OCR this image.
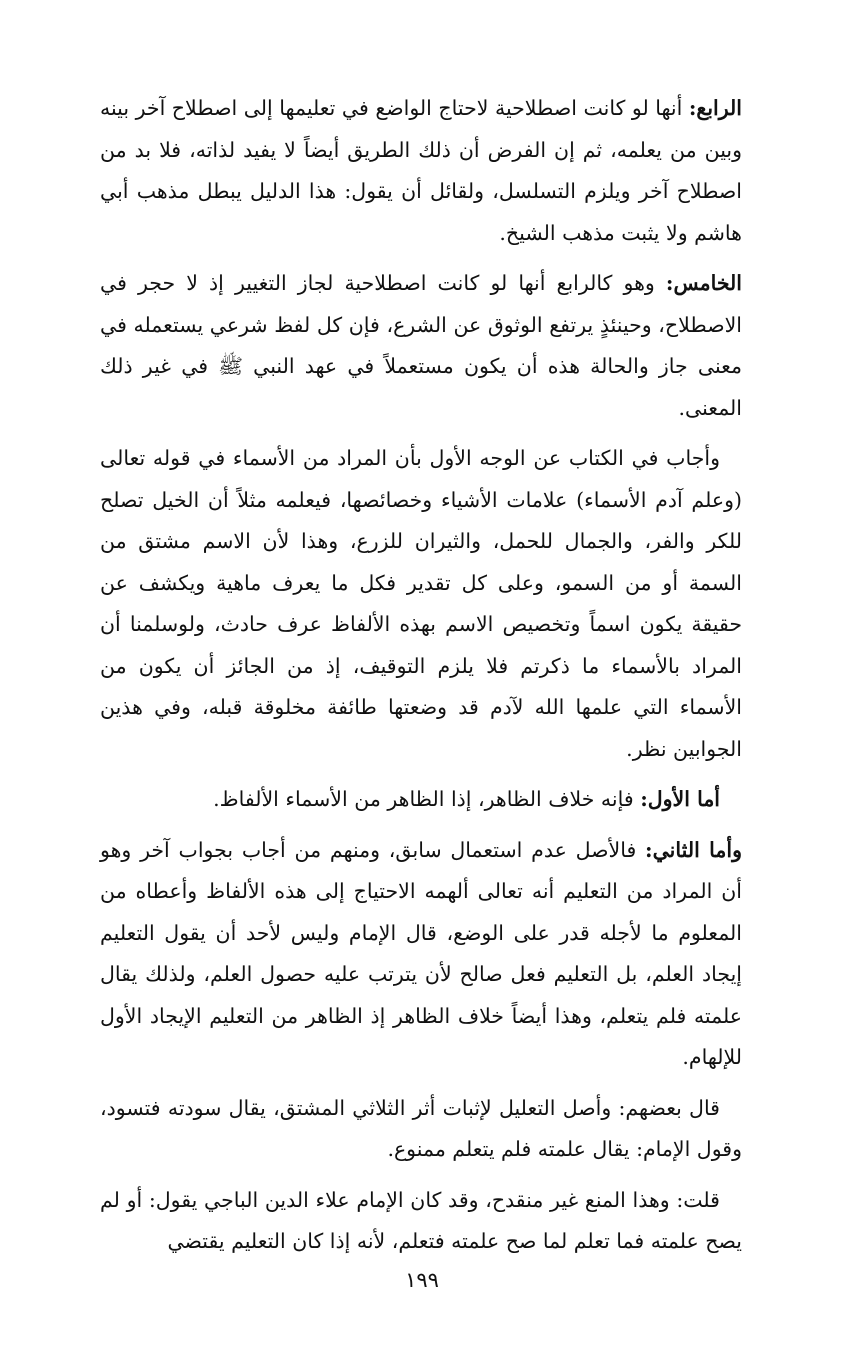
الرابع: أنها لو كانت اصطلاحية لاحتاج الواضع في تعليمها إلى اصطلاح آخر بينه وبين من يعلمه، ثم إن الفرض أن ذلك الطريق أيضاً لا يفيد لذاته، فلا بد من اصطلاح آخر ويلزم التسلسل، ولقائل أن يقول: هذا الدليل يبطل مذهب أبي هاشم ولا يثبت مذهب الشيخ.

الخامس: وهو كالرابع أنها لو كانت اصطلاحية لجاز التغيير إذ لا حجر في الاصطلاح، وحينئذٍ يرتفع الوثوق عن الشرع، فإن كل لفظ شرعي يستعمله في معنى جاز والحالة هذه أن يكون مستعملاً في عهد النبي ﷺ في غير ذلك المعنى.

وأجاب في الكتاب عن الوجه الأول بأن المراد من الأسماء في قوله تعالى (وعلم آدم الأسماء) علامات الأشياء وخصائصها، فيعلمه مثلاً أن الخيل تصلح للكر والفر، والجمال للحمل، والثيران للزرع، وهذا لأن الاسم مشتق من السمة أو من السمو، وعلى كل تقدير فكل ما يعرف ماهية ويكشف عن حقيقة يكون اسماً وتخصيص الاسم بهذه الألفاظ عرف حادث، ولوسلمنا أن المراد بالأسماء ما ذكرتم فلا يلزم التوقيف، إذ من الجائز أن يكون من الأسماء التي علمها الله لآدم قد وضعتها طائفة مخلوقة قبله، وفي هذين الجوابين نظر.

أما الأول: فإنه خلاف الظاهر، إذا الظاهر من الأسماء الألفاظ.

وأما الثاني: فالأصل عدم استعمال سابق، ومنهم من أجاب بجواب آخر وهو أن المراد من التعليم أنه تعالى ألهمه الاحتياج إلى هذه الألفاظ وأعطاه من المعلوم ما لأجله قدر على الوضع، قال الإمام وليس لأحد أن يقول التعليم إيجاد العلم، بل التعليم فعل صالح لأن يترتب عليه حصول العلم، ولذلك يقال علمته فلم يتعلم، وهذا أيضاً خلاف الظاهر إذ الظاهر من التعليم الإيجاد الأول للإلهام.

قال بعضهم: وأصل التعليل لإثبات أثر الثلاثي المشتق، يقال سودته فتسود، وقول الإمام: يقال علمته فلم يتعلم ممنوع.

قلت: وهذا المنع غير منقدح، وقد كان الإمام علاء الدين الباجي يقول: أو لم يصح علمته فما تعلم لما صح علمته فتعلم، لأنه إذا كان التعليم يقتضي

١٩٩
